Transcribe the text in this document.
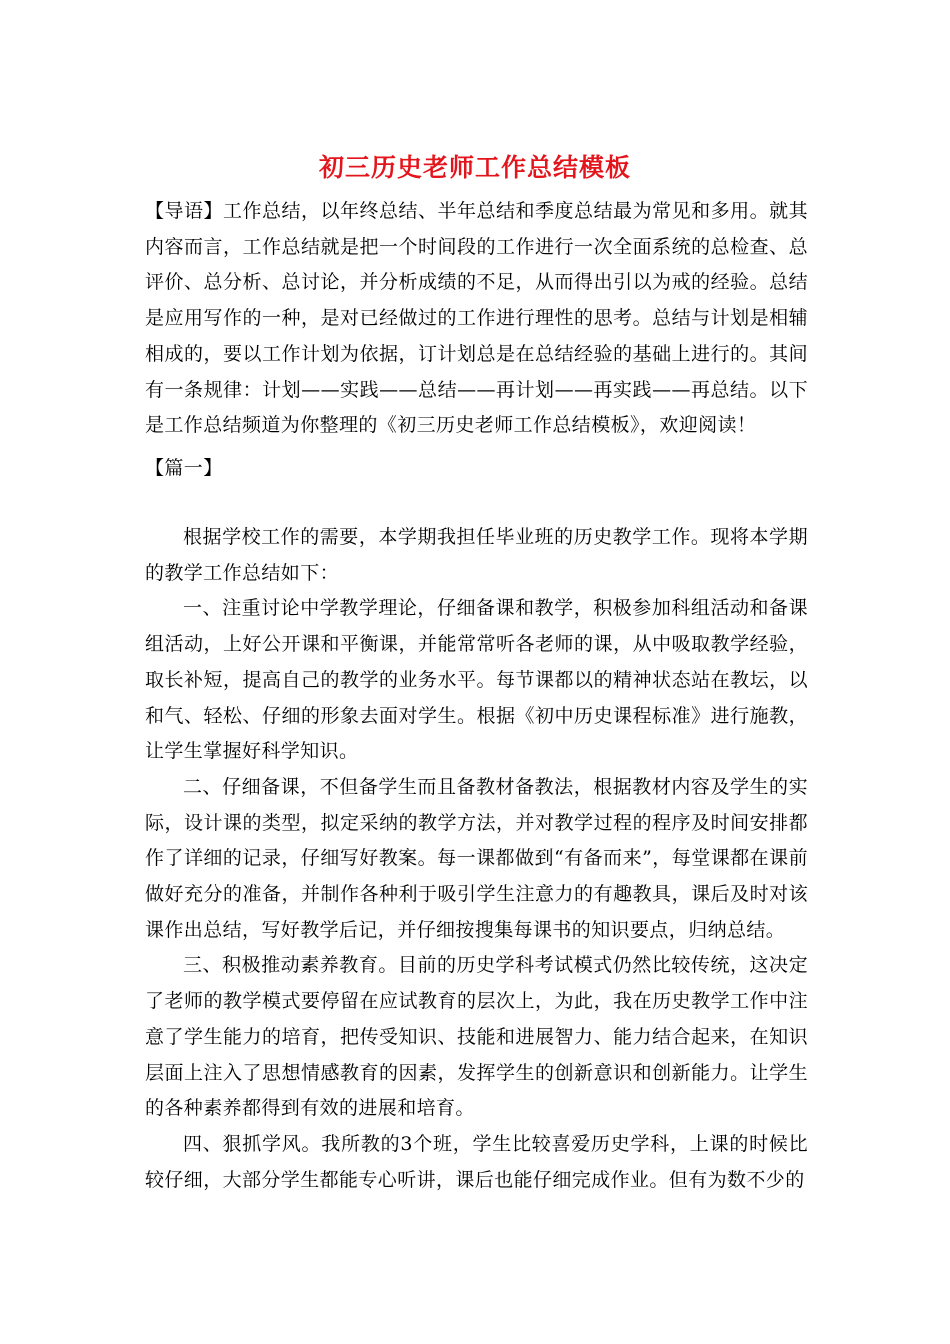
初三历史老师工作总结模板

【导语】工作总结，以年终总结、半年总结和季度总结最为常见和多用。就其内容而言，工作总结就是把一个时间段的工作进行一次全面系统的总检查、总评价、总分析、总讨论，并分析成绩的不足，从而得出引以为戒的经验。总结是应用写作的一种，是对已经做过的工作进行理性的思考。总结与计划是相辅相成的，要以工作计划为依据，订计划总是在总结经验的基础上进行的。其间有一条规律：计划——实践——总结——再计划——再实践——再总结。以下是工作总结频道为你整理的《初三历史老师工作总结模板》，欢迎阅读！

【篇一】

根据学校工作的需要，本学期我担任毕业班的历史教学工作。现将本学期的教学工作总结如下：

一、注重讨论中学教学理论，仔细备课和教学，积极参加科组活动和备课组活动，上好公开课和平衡课，并能常常听各老师的课，从中吸取教学经验，取长补短，提高自己的教学的业务水平。每节课都以的精神状态站在教坛，以和气、轻松、仔细的形象去面对学生。根据《初中历史课程标准》进行施教，让学生掌握好科学知识。

二、仔细备课，不但备学生而且备教材备教法，根据教材内容及学生的实际，设计课的类型，拟定采纳的教学方法，并对教学过程的程序及时间安排都作了详细的记录，仔细写好教案。每一课都做到“有备而来”，每堂课都在课前做好充分的准备，并制作各种利于吸引学生注意力的有趣教具，课后及时对该课作出总结，写好教学后记，并仔细按搜集每课书的知识要点，归纳总结。

三、积极推动素养教育。目前的历史学科考试模式仍然比较传统，这决定了老师的教学模式要停留在应试教育的层次上，为此，我在历史教学工作中注意了学生能力的培育，把传受知识、技能和进展智力、能力结合起来，在知识层面上注入了思想情感教育的因素，发挥学生的创新意识和创新能力。让学生的各种素养都得到有效的进展和培育。

四、狠抓学风。我所教的3个班，学生比较喜爱历史学科，上课的时候比较仔细，大部分学生都能专心听讲，课后也能仔细完成作业。但有为数不少的
